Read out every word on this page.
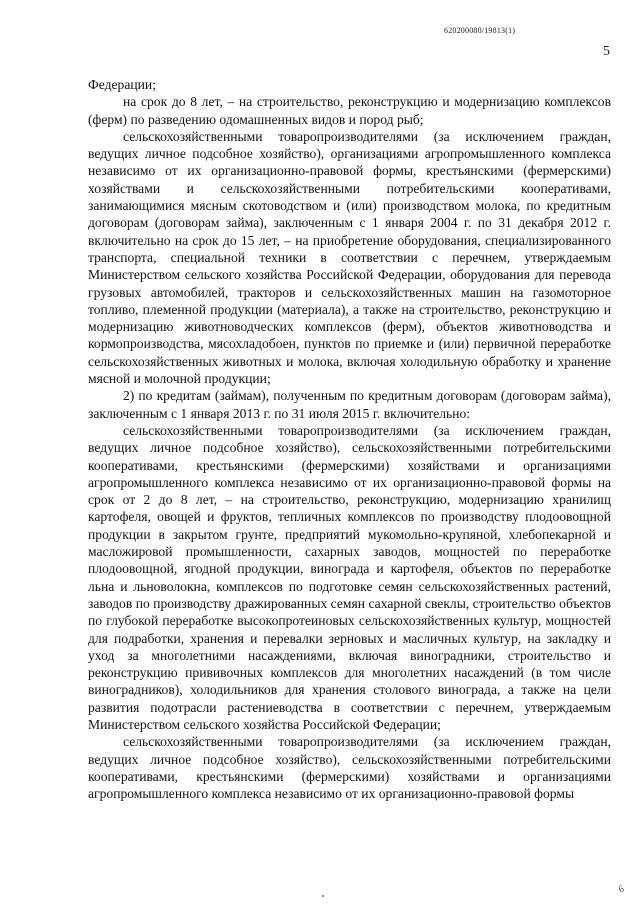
620200080/19813(1)
5

Федерации;

на срок до 8 лет, – на строительство, реконструкцию и модернизацию комплексов (ферм) по разведению одомашненных видов и пород рыб;

сельскохозяйственными товаропроизводителями (за исключением граждан, ведущих личное подсобное хозяйство), организациями агропромышленного комплекса независимо от их организационно-правовой формы, крестьянскими (фермерскими) хозяйствами и сельскохозяйственными потребительскими кооперативами, занимающимися мясным скотоводством и (или) производством молока, по кредитным договорам (договорам займа), заключенным с 1 января 2004 г. по 31 декабря 2012 г. включительно на срок до 15 лет, – на приобретение оборудования, специализированного транспорта, специальной техники в соответствии с перечнем, утверждаемым Министерством сельского хозяйства Российской Федерации, оборудования для перевода грузовых автомобилей, тракторов и сельскохозяйственных машин на газомоторное топливо, племенной продукции (материала), а также на строительство, реконструкцию и модернизацию животноводческих комплексов (ферм), объектов животноводства и кормопроизводства, мясохладобоен, пунктов по приемке и (или) первичной переработке сельскохозяйственных животных и молока, включая холодильную обработку и хранение мясной и молочной продукции;

2) по кредитам (займам), полученным по кредитным договорам (договорам займа), заключенным с 1 января 2013 г. по 31 июля 2015 г. включительно:

сельскохозяйственными товаропроизводителями (за исключением граждан, ведущих личное подсобное хозяйство), сельскохозяйственными потребительскими кооперативами, крестьянскими (фермерскими) хозяйствами и организациями агропромышленного комплекса независимо от их организационно-правовой формы на срок от 2 до 8 лет, – на строительство, реконструкцию, модернизацию хранилищ картофеля, овощей и фруктов, тепличных комплексов по производству плодоовощной продукции в закрытом грунте, предприятий мукомольно-крупяной, хлебопекарной и масложировой промышленности, сахарных заводов, мощностей по переработке плодоовощной, ягодной продукции, винограда и картофеля, объектов по переработке льна и льноволокна, комплексов по подготовке семян сельскохозяйственных растений, заводов по производству дражированных семян сахарной свеклы, строительство объектов по глубокой переработке высокопротеиновых сельскохозяйственных культур, мощностей для подработки, хранения и перевалки зерновых и масличных культур, на закладку и уход за многолетними насаждениями, включая виноградники, строительство и реконструкцию прививочных комплексов для многолетних насаждений (в том числе виноградников), холодильников для хранения столового винограда, а также на цели развития подотрасли растениеводства в соответствии с перечнем, утверждаемым Министерством сельского хозяйства Российской Федерации;

сельскохозяйственными товаропроизводителями (за исключением граждан, ведущих личное подсобное хозяйство), сельскохозяйственными потребительскими кооперативами, крестьянскими (фермерскими) хозяйствами и организациями агропромышленного комплекса независимо от их организационно-правовой формы

6
